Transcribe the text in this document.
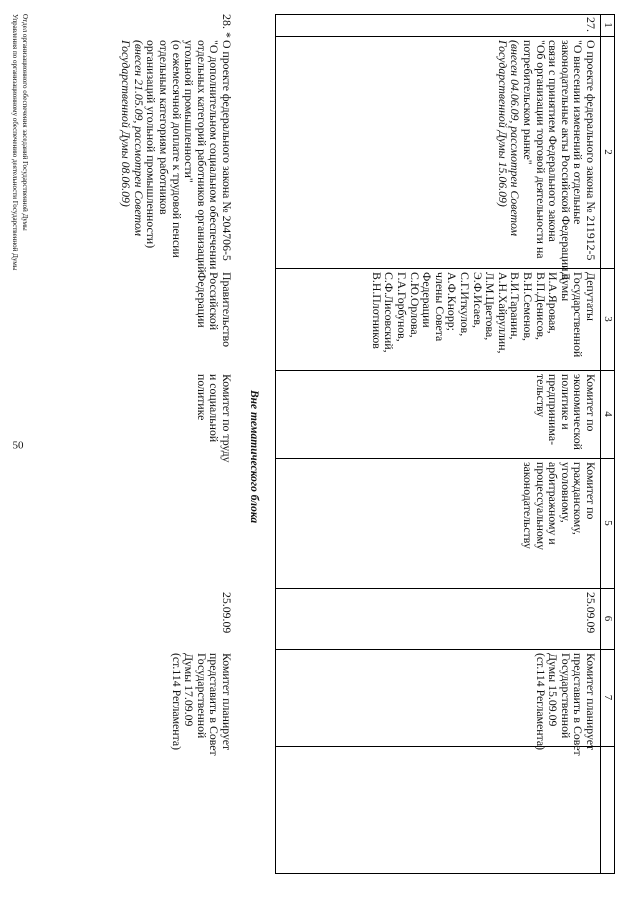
50
1
2
3
4
5
6
7
27.
О проекте федерального закона № 211912-5
"О внесении изменений в отдельные
законодательные акты Российской Федерации в
связи с принятием Федерального закона
"Об организации торговой деятельности на
потребительском рынке"
(внесен 04.06.09, рассмотрен Советом
Государственной Думы 15.06.09)
Депутаты
Государственной
Думы
И.А.Яровая,
В.П.Денисов,
В.Н.Семенов,
В.И.Таранин,
А.Н.Хайруллин,
Л.М.Цветова,
Э.Ф.Исаев,
С.Г.Иткулов,
А.Ф.Кнорр;
члены Совета
Федерации
С.Ю.Орлова,
Г.А.Горбунов,
С.Ф.Лисовский,
В.Н.Плотников
Комитет по
экономической
политике и
предпринима-
тельству
Комитет по
гражданскому,
уголовному,
арбитражному и
процессуальному
законодательству
25.09.09
Комитет планирует
представить в Совет
Государственной
Думы 15.09.09
(ст.114 Регламента)
Вне тематического блока
28. *
О проекте федерального закона № 204706-5
"О дополнительном социальном обеспечении
отдельных категорий работников организаций
угольной промышленности"
(о ежемесячной доплате к трудовой пенсии
отдельным категориям работников
организаций угольной промышленности)
(внесен 21.05.09, рассмотрен Советом
Государственной Думы 08.06.09)
Правительство
Российской
Федерации
Комитет по труду
и социальной
политике
25.09.09
Комитет планирует
представить в Совет
Государственной
Думы 17.09.09
(ст.114 Регламента)
Отдел организационного обеспечения заседаний Государственной Думы
Управления по организационному обеспечению деятельности Государственной Думы
